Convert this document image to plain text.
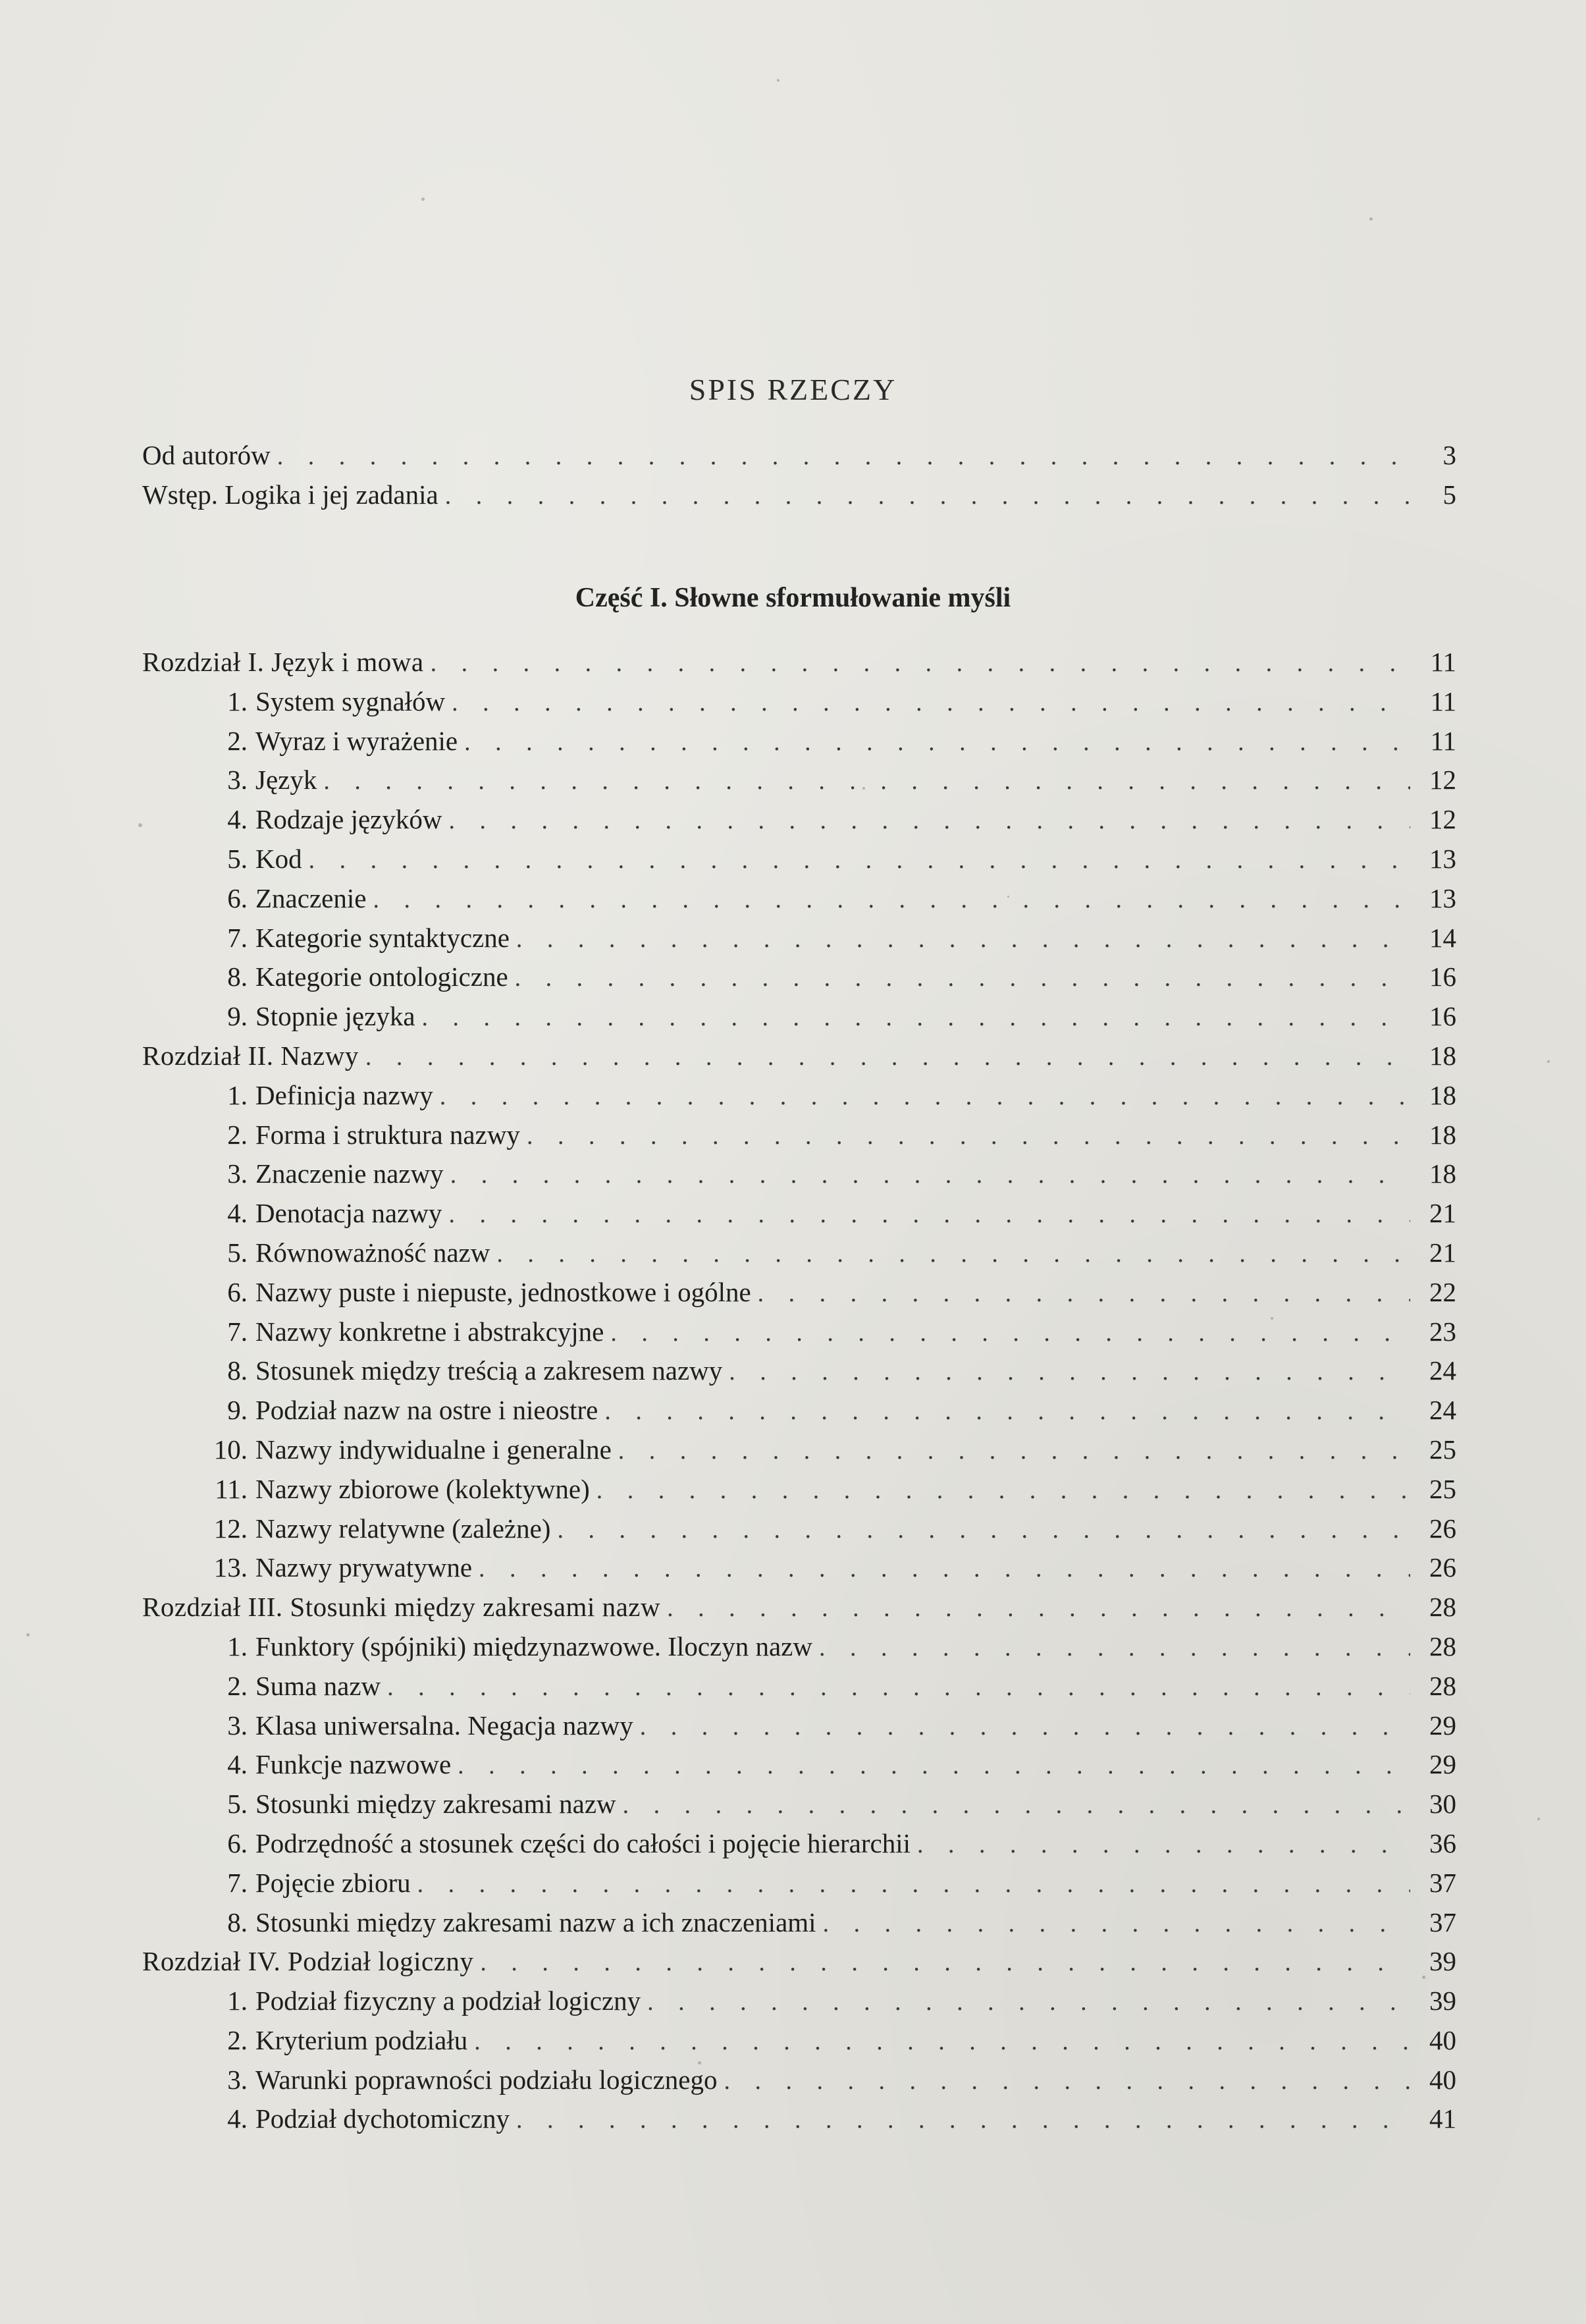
SPIS RZECZY
Od autorów . . .	3
Wstęp. Logika i jej zadania . . .	5
Część I. Słowne sformułowanie myśli
Rozdział I. Język i mowa . . .	11
1. System sygnałów . . .	11
2. Wyraz i wyrażenie . . .	11
3. Język . . .	12
4. Rodzaje języków . . .	12
5. Kod . . .	13
6. Znaczenie . . .	13
7. Kategorie syntaktyczne . . .	14
8. Kategorie ontologiczne . . .	16
9. Stopnie języka . . .	16
Rozdział II. Nazwy . . .	18
1. Definicja nazwy . . .	18
2. Forma i struktura nazwy . . .	18
3. Znaczenie nazwy . . .	18
4. Denotacja nazwy . . .	21
5. Równoważność nazw . . .	21
6. Nazwy puste i niepuste, jednostkowe i ogólne . . .	22
7. Nazwy konkretne i abstrakcyjne . . .	23
8. Stosunek między treścią a zakresem nazwy . . .	24
9. Podział nazw na ostre i nieostre . . .	24
10. Nazwy indywidualne i generalne . . .	25
11. Nazwy zbiorowe (kolektywne) . . .	25
12. Nazwy relatywne (zależne) . . .	26
13. Nazwy prywatywne . . .	26
Rozdział III. Stosunki między zakresami nazw . . .	28
1. Funktory (spójniki) międzynazwowe. Iloczyn nazw . . .	28
2. Suma nazw . . .	28
3. Klasa uniwersalna. Negacja nazwy . . .	29
4. Funkcje nazwowe . . .	29
5. Stosunki między zakresami nazw . . .	30
6. Podrzędność a stosunek części do całości i pojęcie hierarchii . . .	36
7. Pojęcie zbioru . . .	37
8. Stosunki między zakresami nazw a ich znaczeniami . . .	37
Rozdział IV. Podział logiczny . . .	39
1. Podział fizyczny a podział logiczny . . .	39
2. Kryterium podziału . . .	40
3. Warunki poprawności podziału logicznego . . .	40
4. Podział dychotomiczny . . .	41
